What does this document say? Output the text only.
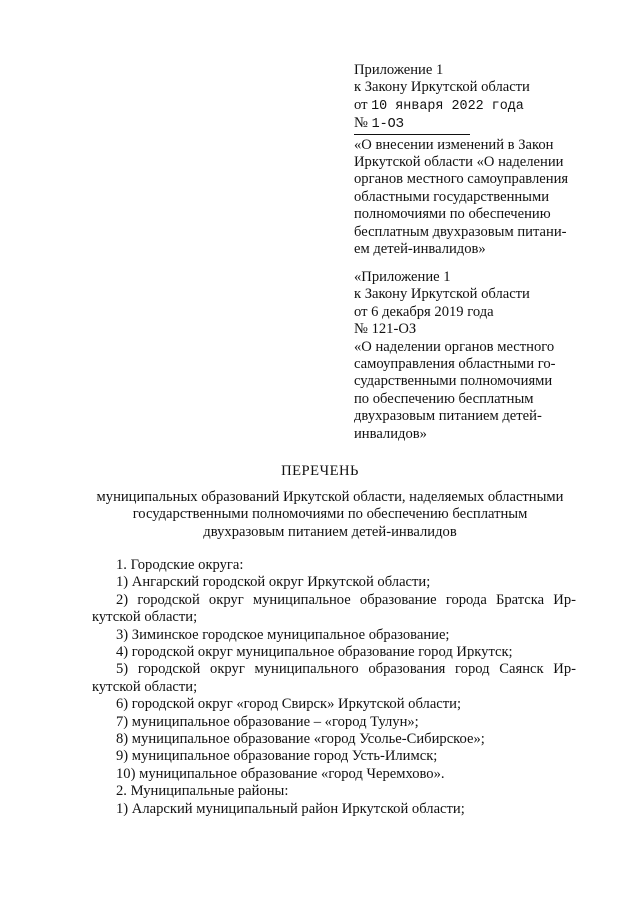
Приложение 1
к Закону Иркутской области
от 10 января 2022 года
№ 1-ОЗ
«О внесении изменений в Закон
Иркутской области «О наделении
органов местного самоуправления
областными государственными
полномочиями по обеспечению
бесплатным двухразовым питани-
ем детей-инвалидов»
«Приложение 1
к Закону Иркутской области
от 6 декабря 2019 года
№ 121-ОЗ
«О наделении органов местного
самоуправления областными го-
сударственными полномочиями
по обеспечению бесплатным
двухразовым питанием детей-
инвалидов»
ПЕРЕЧЕНЬ
муниципальных образований Иркутской области, наделяемых областными
государственными полномочиями по обеспечению бесплатным
двухразовым питанием детей-инвалидов
1. Городские округа:
1) Ангарский городской округ Иркутской области;
2) городской округ муниципальное образование города Братска Ир-
кутской области;
3) Зиминское городское муниципальное образование;
4) городской округ муниципальное образование город Иркутск;
5) городской округ муниципального образования город Саянск Ир-
кутской области;
6) городской округ «город Свирск» Иркутской области;
7) муниципальное образование – «город Тулун»;
8) муниципальное образование «город Усолье-Сибирское»;
9) муниципальное образование город Усть-Илимск;
10) муниципальное образование «город Черемхово».
2. Муниципальные районы:
1) Аларский муниципальный район Иркутской области;
